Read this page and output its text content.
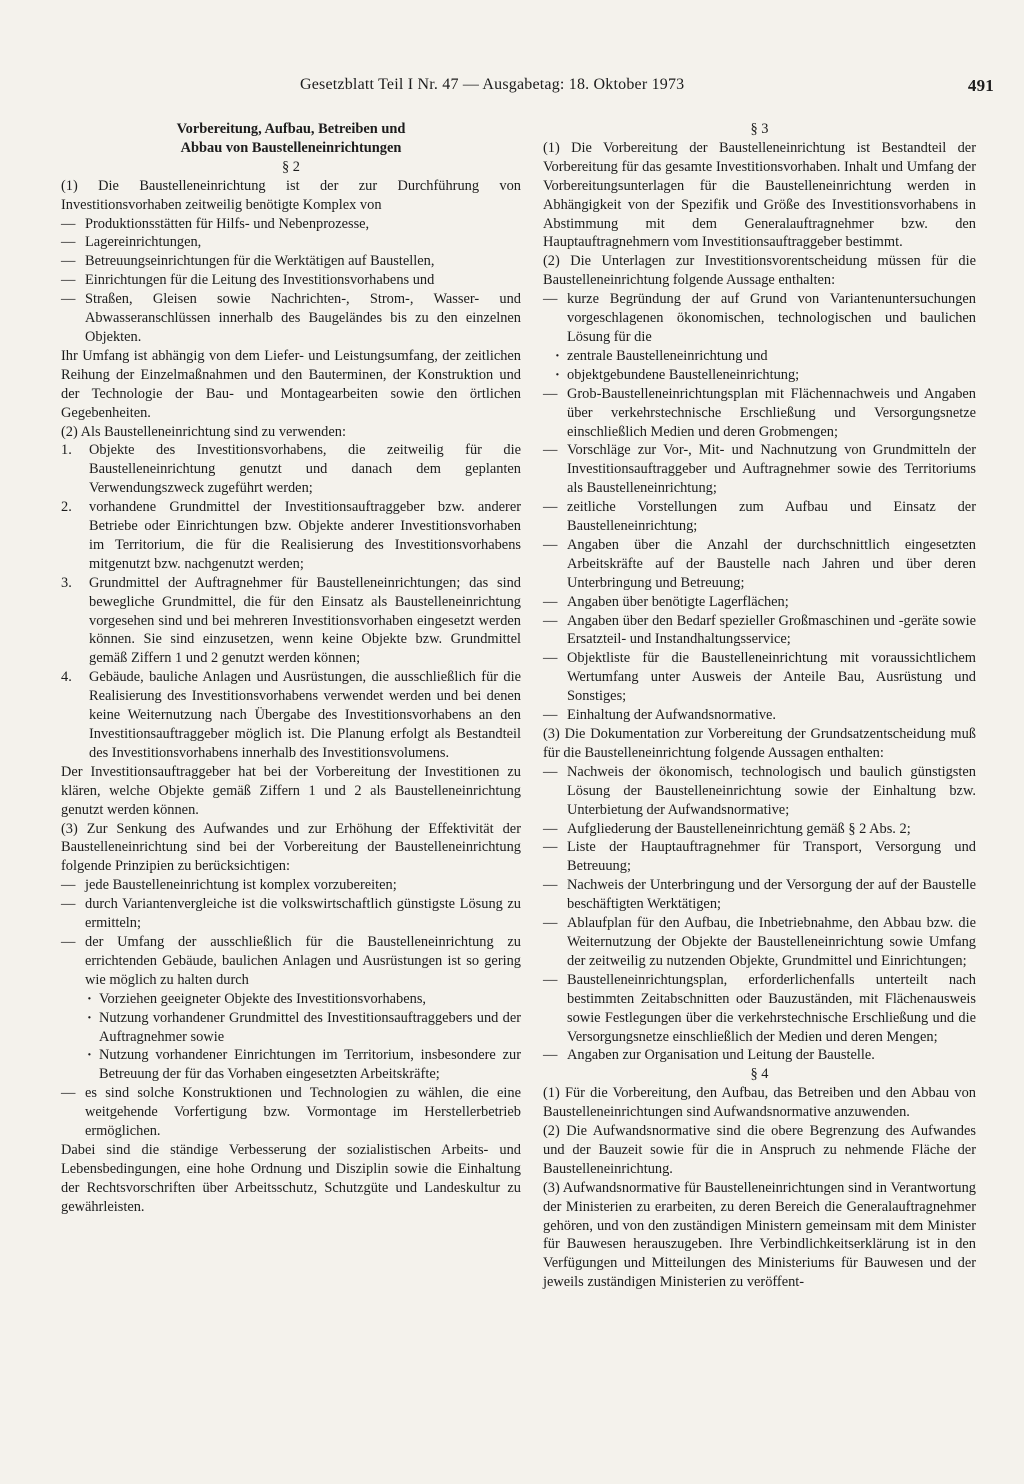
Gesetzblatt Teil I Nr. 47 — Ausgabetag: 18. Oktober 1973	491

Vorbereitung, Aufbau, Betreiben und

Abbau von Baustelleneinrichtungen

§ 2

(1) Die Baustelleneinrichtung ist der zur Durchführung von Investitionsvorhaben zeitweilig benötigte Komplex von

— Produktionsstätten für Hilfs- und Nebenprozesse,

— Lagereinrichtungen,

— Betreuungseinrichtungen für die Werktätigen auf Baustellen,

— Einrichtungen für die Leitung des Investitionsvorhabens und

— Straßen, Gleisen sowie Nachrichten-, Strom-, Wasser- und Abwasseranschlüssen innerhalb des Baugeländes bis zu den einzelnen Objekten.

Ihr Umfang ist abhängig von dem Liefer- und Leistungsumfang, der zeitlichen Reihung der Einzelmaßnahmen und den Bauterminen, der Konstruktion und der Technologie der Bau- und Montagearbeiten sowie den örtlichen Gegebenheiten.

(2) Als Baustelleneinrichtung sind zu verwenden:

1. Objekte des Investitionsvorhabens, die zeitweilig für die Baustelleneinrichtung genutzt und danach dem geplanten Verwendungszweck zugeführt werden;

2. vorhandene Grundmittel der Investitionsauftraggeber bzw. anderer Betriebe oder Einrichtungen bzw. Objekte anderer Investitionsvorhaben im Territorium, die für die Realisierung des Investitionsvorhabens mitgenutzt bzw. nachgenutzt werden;

3. Grundmittel der Auftragnehmer für Baustelleneinrichtungen; das sind bewegliche Grundmittel, die für den Einsatz als Baustelleneinrichtung vorgesehen sind und bei mehreren Investitionsvorhaben eingesetzt werden können. Sie sind einzusetzen, wenn keine Objekte bzw. Grundmittel gemäß Ziffern 1 und 2 genutzt werden können;

4. Gebäude, bauliche Anlagen und Ausrüstungen, die ausschließlich für die Realisierung des Investitionsvorhabens verwendet werden und bei denen keine Weiternutzung nach Übergabe des Investitionsvorhabens an den Investitionsauftraggeber möglich ist. Die Planung erfolgt als Bestandteil des Investitionsvorhabens innerhalb des Investitionsvolumens.

Der Investitionsauftraggeber hat bei der Vorbereitung der Investitionen zu klären, welche Objekte gemäß Ziffern 1 und 2 als Baustelleneinrichtung genutzt werden können.

(3) Zur Senkung des Aufwandes und zur Erhöhung der Effektivität der Baustelleneinrichtung sind bei der Vorbereitung der Baustelleneinrichtung folgende Prinzipien zu berücksichtigen:

— jede Baustelleneinrichtung ist komplex vorzubereiten;

— durch Variantenvergleiche ist die volkswirtschaftlich günstigste Lösung zu ermitteln;

— der Umfang der ausschließlich für die Baustelleneinrichtung zu errichtenden Gebäude, baulichen Anlagen und Ausrüstungen ist so gering wie möglich zu halten durch

· Vorziehen geeigneter Objekte des Investitionsvorhabens,

· Nutzung vorhandener Grundmittel des Investitionsauftraggebers und der Auftragnehmer sowie

· Nutzung vorhandener Einrichtungen im Territorium, insbesondere zur Betreuung der für das Vorhaben eingesetzten Arbeitskräfte;

— es sind solche Konstruktionen und Technologien zu wählen, die eine weitgehende Vorfertigung bzw. Vormontage im Herstellerbetrieb ermöglichen.

Dabei sind die ständige Verbesserung der sozialistischen Arbeits- und Lebensbedingungen, eine hohe Ordnung und Disziplin sowie die Einhaltung der Rechtsvorschriften über Arbeitsschutz, Schutzgüte und Landeskultur zu gewährleisten.

§ 3

(1) Die Vorbereitung der Baustelleneinrichtung ist Bestandteil der Vorbereitung für das gesamte Investitionsvorhaben. Inhalt und Umfang der Vorbereitungsunterlagen für die Baustelleneinrichtung werden in Abhängigkeit von der Spezifik und Größe des Investitionsvorhabens in Abstimmung mit dem Generalauftragnehmer bzw. den Hauptauftragnehmern vom Investitionsauftraggeber bestimmt.

(2) Die Unterlagen zur Investitionsvorentscheidung müssen für die Baustelleneinrichtung folgende Aussage enthalten:

— kurze Begründung der auf Grund von Variantenuntersuchungen vorgeschlagenen ökonomischen, technologischen und baulichen Lösung für die

· zentrale Baustelleneinrichtung und

· objektgebundene Baustelleneinrichtung;

— Grob-Baustelleneinrichtungsplan mit Flächennachweis und Angaben über verkehrstechnische Erschließung und Versorgungsnetze einschließlich Medien und deren Grobmengen;

— Vorschläge zur Vor-, Mit- und Nachnutzung von Grundmitteln der Investitionsauftraggeber und Auftragnehmer sowie des Territoriums als Baustelleneinrichtung;

— zeitliche Vorstellungen zum Aufbau und Einsatz der Baustelleneinrichtung;

— Angaben über die Anzahl der durchschnittlich eingesetzten Arbeitskräfte auf der Baustelle nach Jahren und über deren Unterbringung und Betreuung;

— Angaben über benötigte Lagerflächen;

— Angaben über den Bedarf spezieller Großmaschinen und -geräte sowie Ersatzteil- und Instandhaltungsservice;

— Objektliste für die Baustelleneinrichtung mit voraussichtlichem Wertumfang unter Ausweis der Anteile Bau, Ausrüstung und Sonstiges;

— Einhaltung der Aufwandsnormative.

(3) Die Dokumentation zur Vorbereitung der Grundsatzentscheidung muß für die Baustelleneinrichtung folgende Aussagen enthalten:

— Nachweis der ökonomisch, technologisch und baulich günstigsten Lösung der Baustelleneinrichtung sowie der Einhaltung bzw. Unterbietung der Aufwandsnormative;

— Aufgliederung der Baustelleneinrichtung gemäß § 2 Abs. 2;

— Liste der Hauptauftragnehmer für Transport, Versorgung und Betreuung;

— Nachweis der Unterbringung und der Versorgung der auf der Baustelle beschäftigten Werktätigen;

— Ablaufplan für den Aufbau, die Inbetriebnahme, den Abbau bzw. die Weiternutzung der Objekte der Baustelleneinrichtung sowie Umfang der zeitweilig zu nutzenden Objekte, Grundmittel und Einrichtungen;

— Baustelleneinrichtungsplan, erforderlichenfalls unterteilt nach bestimmten Zeitabschnitten oder Bauzuständen, mit Flächenausweis sowie Festlegungen über die verkehrstechnische Erschließung und die Versorgungsnetze einschließlich der Medien und deren Mengen;

— Angaben zur Organisation und Leitung der Baustelle.

§ 4

(1) Für die Vorbereitung, den Aufbau, das Betreiben und den Abbau von Baustelleneinrichtungen sind Aufwandsnormative anzuwenden.

(2) Die Aufwandsnormative sind die obere Begrenzung des Aufwandes und der Bauzeit sowie für die in Anspruch zu nehmende Fläche der Baustelleneinrichtung.

(3) Aufwandsnormative für Baustelleneinrichtungen sind in Verantwortung der Ministerien zu erarbeiten, zu deren Bereich die Generalauftragnehmer gehören, und von den zuständigen Ministern gemeinsam mit dem Minister für Bauwesen herauszugeben. Ihre Verbindlichkeitserklärung ist in den Verfügungen und Mitteilungen des Ministeriums für Bauwesen und der jeweils zuständigen Ministerien zu veröffent-
